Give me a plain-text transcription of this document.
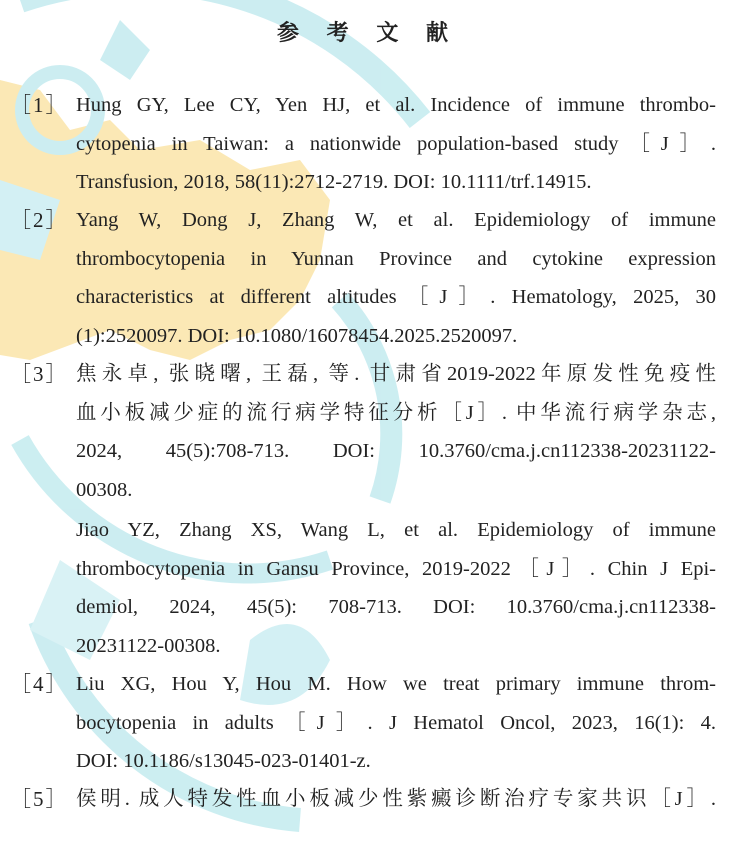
参 考 文 献
［1］ Hung GY, Lee CY, Yen HJ, et al. Incidence of immune thrombo-
cytopenia in Taiwan: a nationwide population-based study［J］.
Transfusion, 2018, 58(11):2712-2719. DOI: 10.1111/trf.14915.
［2］ Yang W, Dong J, Zhang W, et al. Epidemiology of immune
thrombocytopenia in Yunnan Province and cytokine expression
characteristics at different altitudes［J］. Hematology, 2025, 30
(1):2520097. DOI: 10.1080/16078454.2025.2520097.
［3］ 焦永卓, 张晓曙, 王磊, 等. 甘肃省2019-2022年原发性免疫性
血小板减少症的流行病学特征分析［J］. 中华流行病学杂志,
2024, 45(5):708-713. DOI: 10.3760/cma.j.cn112338-20231122-
00308.
Jiao YZ, Zhang XS, Wang L, et al. Epidemiology of immune
thrombocytopenia in Gansu Province, 2019-2022［J］. Chin J Epi-
demiol, 2024, 45(5): 708-713. DOI: 10.3760/cma.j.cn112338-
20231122-00308.
［4］ Liu XG, Hou Y, Hou M. How we treat primary immune throm-
bocytopenia in adults［J］. J Hematol Oncol, 2023, 16(1): 4.
DOI: 10.1186/s13045-023-01401-z.
［5］ 侯明. 成人特发性血小板减少性紫癜诊断治疗专家共识［J］.
